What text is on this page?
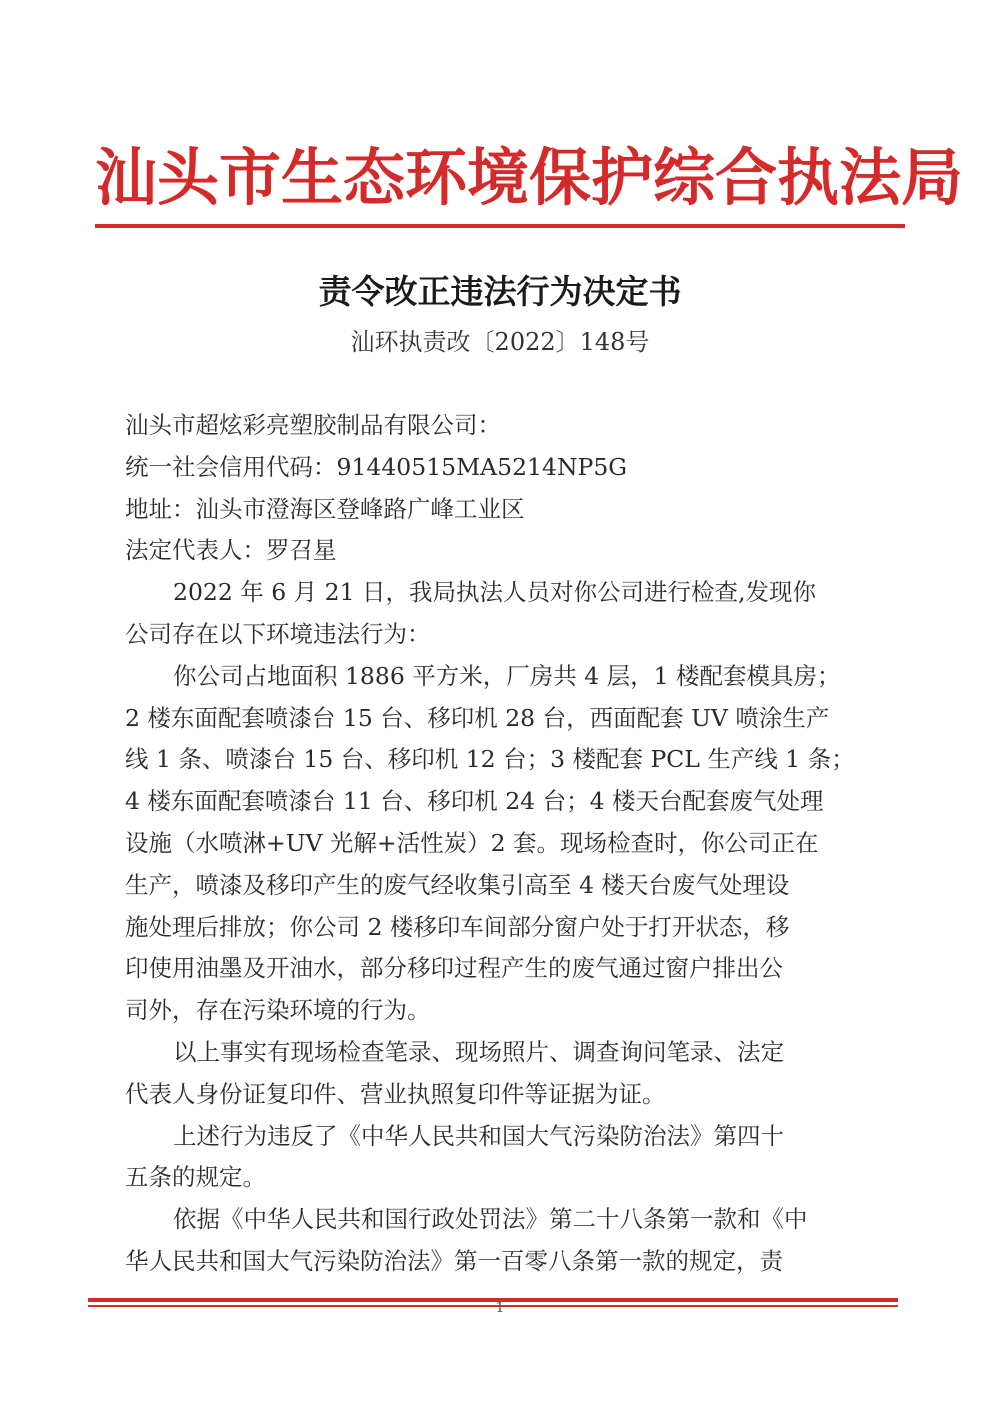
汕头市生态环境保护综合执法局
责令改正违法行为决定书
汕环执责改〔2022〕148号
汕头市超炫彩亮塑胶制品有限公司：
统一社会信用代码：91440515MA5214NP5G
地址：汕头市澄海区登峰路广峰工业区
法定代表人：罗召星
2022 年 6 月 21 日，我局执法人员对你公司进行检查,发现你
公司存在以下环境违法行为：
你公司占地面积 1886 平方米，厂房共 4 层，1 楼配套模具房；
2 楼东面配套喷漆台 15 台、移印机 28 台，西面配套 UV 喷涂生产
线 1 条、喷漆台 15 台、移印机 12 台；3 楼配套 PCL 生产线 1 条；
4 楼东面配套喷漆台 11 台、移印机 24 台；4 楼天台配套废气处理
设施（水喷淋+UV 光解+活性炭）2 套。现场检查时，你公司正在
生产，喷漆及移印产生的废气经收集引高至 4 楼天台废气处理设
施处理后排放；你公司 2 楼移印车间部分窗户处于打开状态，移
印使用油墨及开油水，部分移印过程产生的废气通过窗户排出公
司外，存在污染环境的行为。
以上事实有现场检查笔录、现场照片、调查询问笔录、法定
代表人身份证复印件、营业执照复印件等证据为证。
上述行为违反了《中华人民共和国大气污染防治法》第四十
五条的规定。
依据《中华人民共和国行政处罚法》第二十八条第一款和《中
华人民共和国大气污染防治法》第一百零八条第一款的规定，责
1
